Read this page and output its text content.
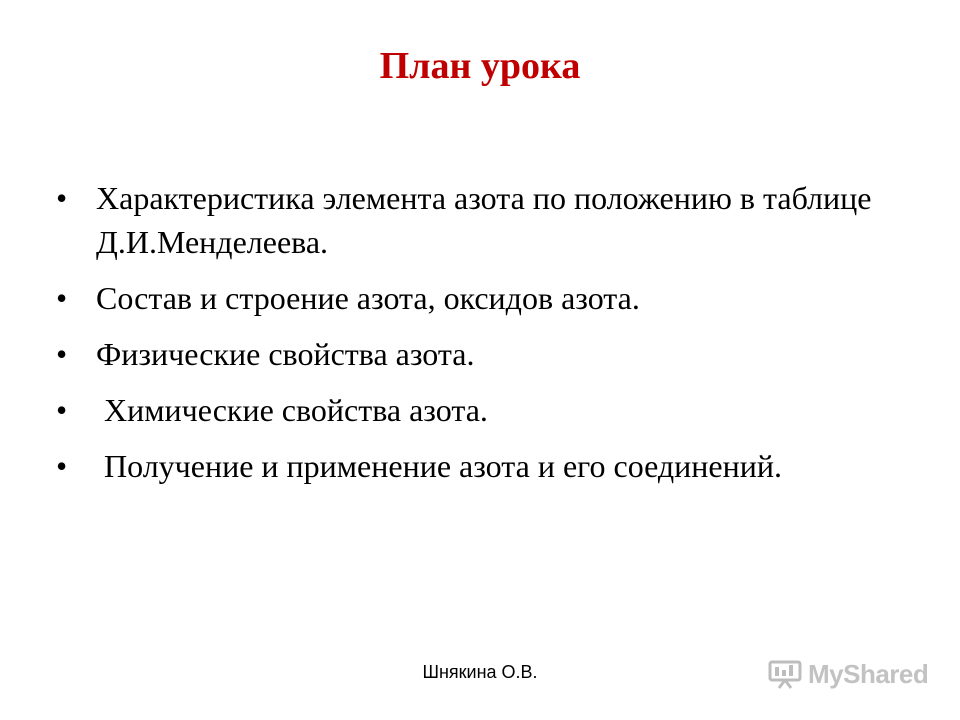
План урока
• Характеристика элемента азота по положению в таблице Д.И.Менделеева.
• Состав и строение азота, оксидов азота.
• Физические свойства азота.
• Химические свойства азота.
• Получение и применение азота и его соединений.
Шнякина О.В.	MyShared
